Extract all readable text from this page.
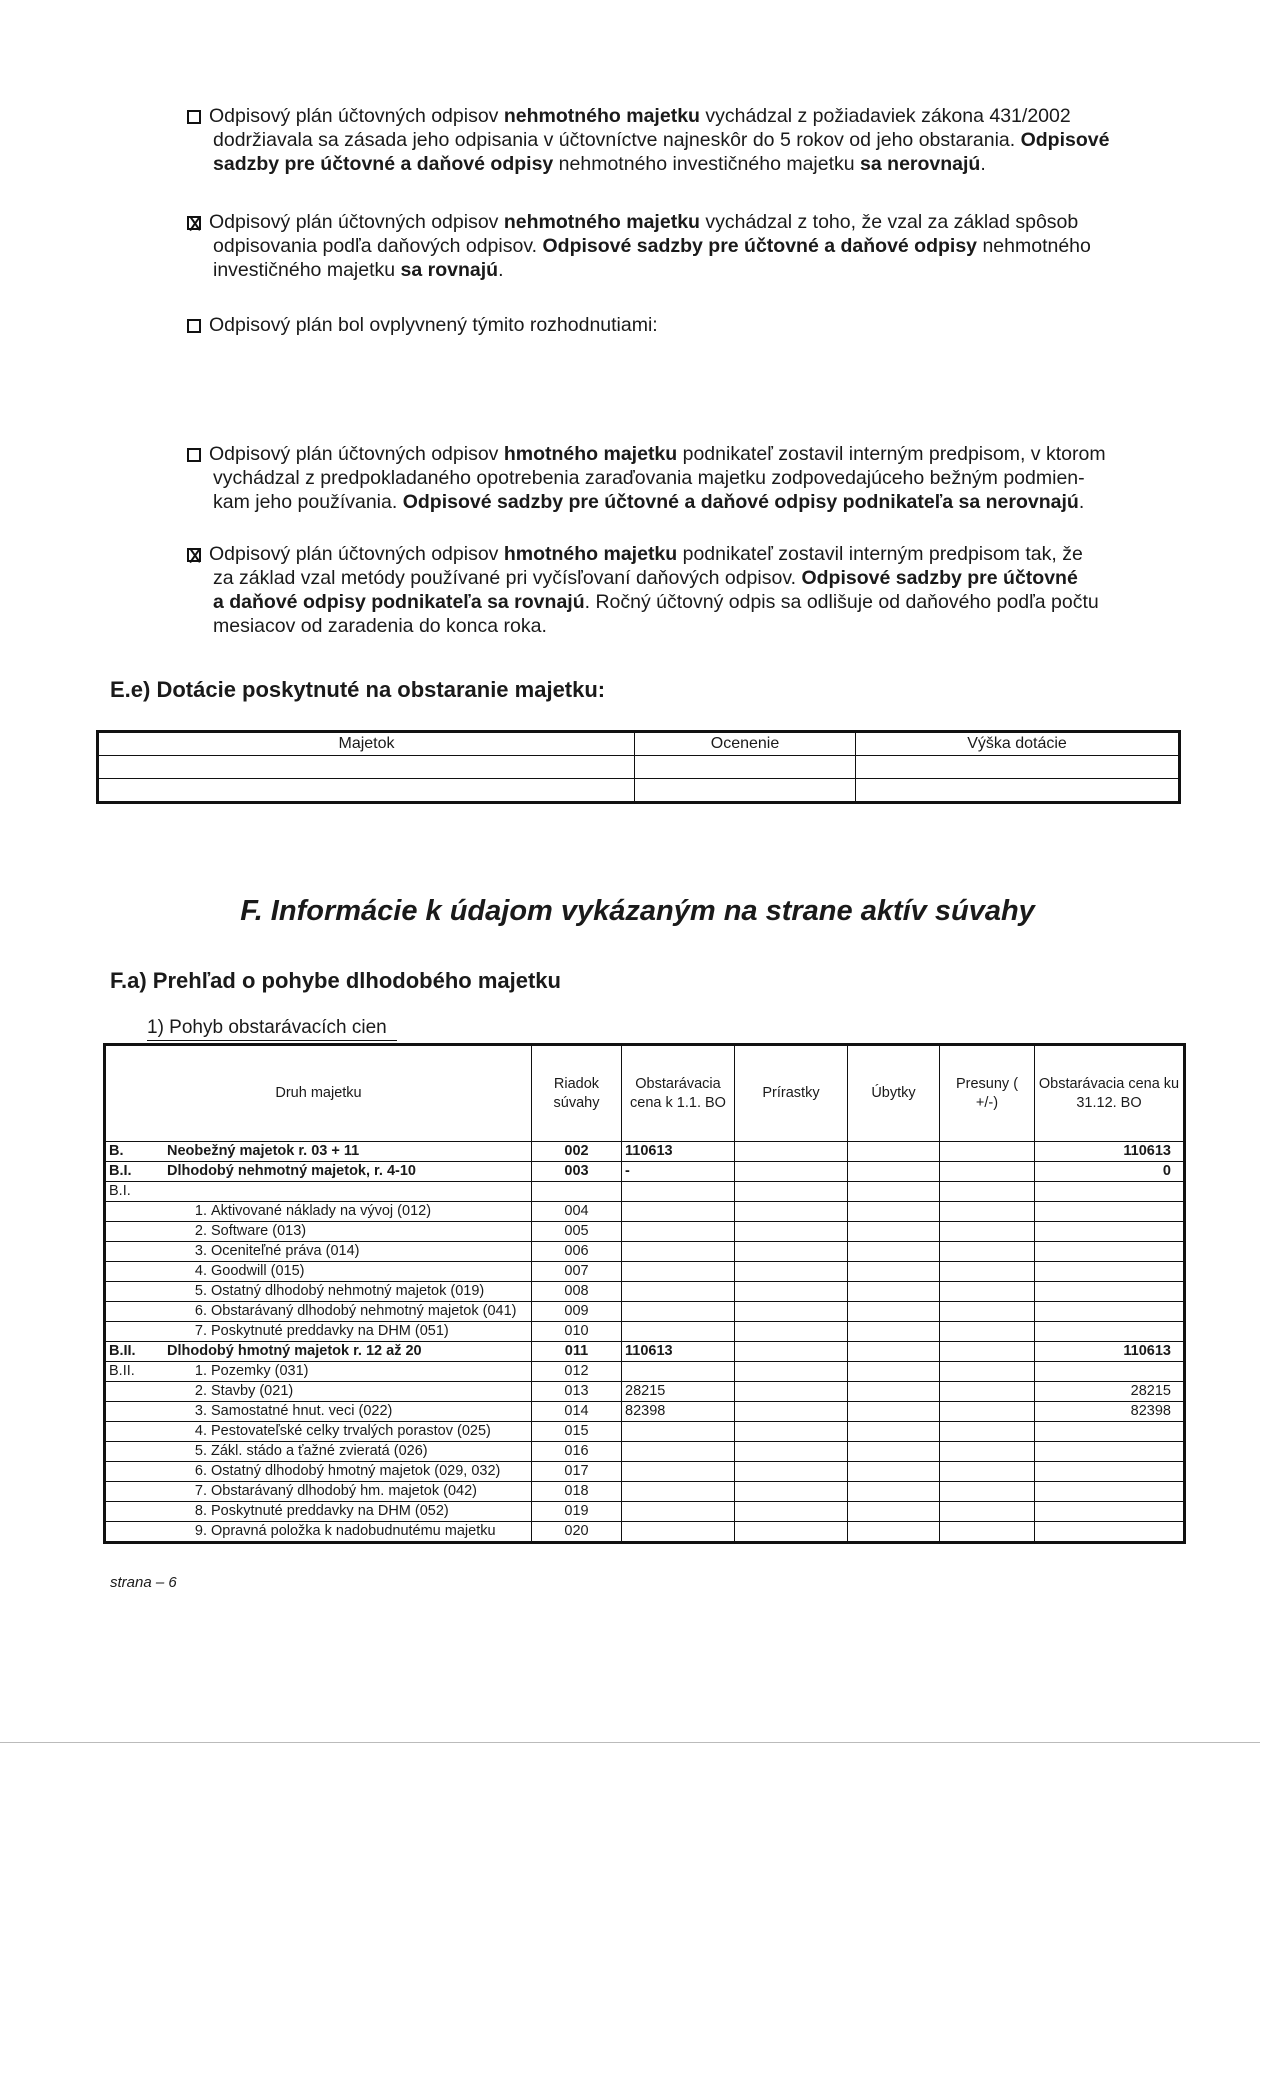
Odpisový plán účtovných odpisov nehmotného majetku vychádzal z požiadaviek zákona 431/2002
dodržiavala sa zásada jeho odpisania v účtovníctve najneskôr do 5 rokov od jeho obstarania. Odpisové
sadzby pre účtovné a daňové odpisy nehmotného investičného majetku sa nerovnajú.
Odpisový plán účtovných odpisov nehmotného majetku vychádzal z toho, že vzal za základ spôsob
odpisovania podľa daňových odpisov. Odpisové sadzby pre účtovné a daňové odpisy nehmotného
investičného majetku sa rovnajú.
Odpisový plán bol ovplyvnený týmito rozhodnutiami:
Odpisový plán účtovných odpisov hmotného majetku podnikateľ zostavil interným predpisom, v ktorom
vychádzal z predpokladaného opotrebenia zaraďovania majetku zodpovedajúceho bežným podmien-
kam jeho používania. Odpisové sadzby pre účtovné a daňové odpisy podnikateľa sa nerovnajú.
Odpisový plán účtovných odpisov hmotného majetku podnikateľ zostavil interným predpisom tak, že
za základ vzal metódy používané pri vyčísľovaní daňových odpisov. Odpisové sadzby pre účtovné
a daňové odpisy podnikateľa sa rovnajú. Ročný účtovný odpis sa odlišuje od daňového podľa počtu
mesiacov od zaradenia do konca roka.
E.e) Dotácie poskytnuté na obstaranie majetku:
Majetok	Ocenenie	Výška dotácie

F. Informácie k údajom vykázaným na strane aktív súvahy
F.a) Prehľad o pohybe dlhodobého majetku
1) Pohyb obstarávacích cien
Druh majetku	Riadok súvahy	Obstarávacia cena k 1.1. BO	Prírastky	Úbytky	Presuny ( +/-)	Obstarávacia cena ku 31.12. BO
B. Neobežný majetok r. 03 + 11	002	110613				110613
B.I. Dlhodobý nehmotný majetok, r. 4-10	003	-				0
B.I.						
1. Aktivované náklady na vývoj (012)	004					
2. Software (013)	005					
3. Oceniteľné práva (014)	006					
4. Goodwill (015)	007					
5. Ostatný dlhodobý nehmotný majetok (019)	008					
6. Obstarávaný dlhodobý nehmotný majetok (041)	009					
7. Poskytnuté preddavky na DHM (051)	010					
B.II. Dlhodobý hmotný majetok r. 12 až 20	011	110613				110613
B.II. 1. Pozemky (031)	012					
2. Stavby (021)	013	28215				28215
3. Samostatné hnut. veci (022)	014	82398				82398
4. Pestovateľské celky trvalých porastov (025)	015					
5. Zákl. stádo a ťažné zvieratá (026)	016					
6. Ostatný dlhodobý hmotný majetok (029, 032)	017					
7. Obstarávaný dlhodobý hm. majetok (042)	018					
8. Poskytnuté preddavky na DHM (052)	019					
9. Opravná položka k nadobudnutému majetku	020					
strana – 6
